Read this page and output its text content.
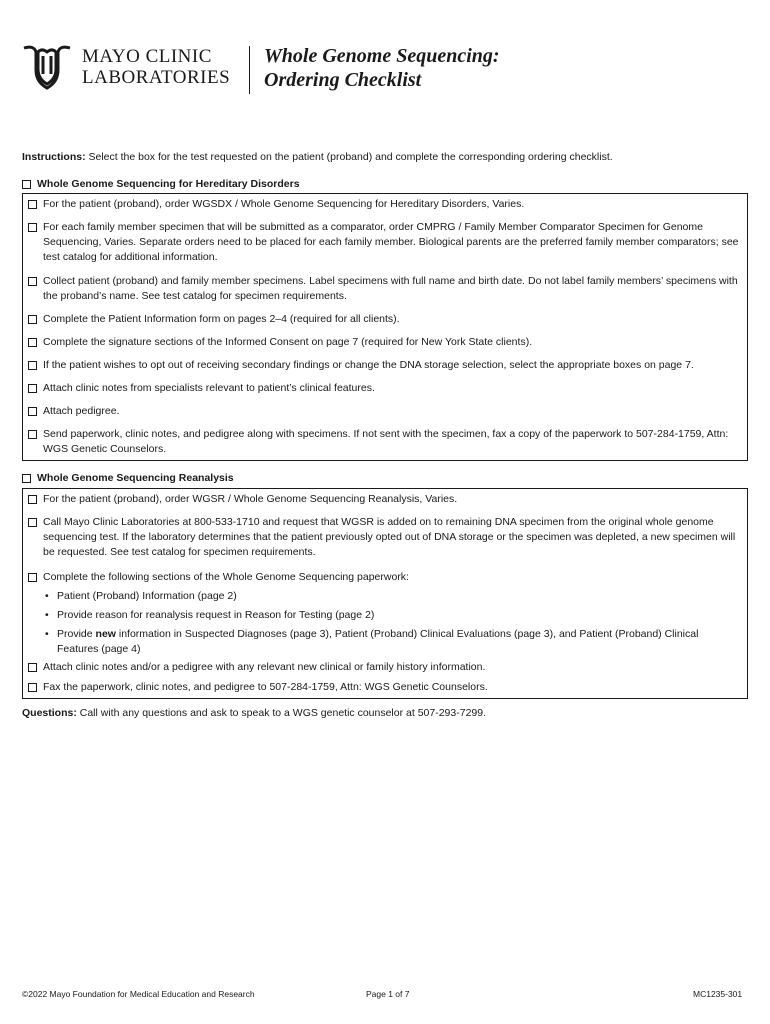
MAYO CLINIC
LABORATORIES
Whole Genome Sequencing:
Ordering Checklist
Instructions: Select the box for the test requested on the patient (proband) and complete the corresponding ordering checklist.
Whole Genome Sequencing for Hereditary Disorders
For the patient (proband), order WGSDX / Whole Genome Sequencing for Hereditary Disorders, Varies.
For each family member specimen that will be submitted as a comparator, order CMPRG / Family Member Comparator Specimen for Genome Sequencing, Varies. Separate orders need to be placed for each family member. Biological parents are the preferred family member comparators; see test catalog for additional information.
Collect patient (proband) and family member specimens. Label specimens with full name and birth date. Do not label family members’ specimens with the proband’s name. See test catalog for specimen requirements.
Complete the Patient Information form on pages 2–4 (required for all clients).
Complete the signature sections of the Informed Consent on page 7 (required for New York State clients).
If the patient wishes to opt out of receiving secondary findings or change the DNA storage selection, select the appropriate boxes on page 7.
Attach clinic notes from specialists relevant to patient’s clinical features.
Attach pedigree.
Send paperwork, clinic notes, and pedigree along with specimens. If not sent with the specimen, fax a copy of the paperwork to 507-284-1759, Attn: WGS Genetic Counselors.
Whole Genome Sequencing Reanalysis
For the patient (proband), order WGSR / Whole Genome Sequencing Reanalysis, Varies.
Call Mayo Clinic Laboratories at 800-533-1710 and request that WGSR is added on to remaining DNA specimen from the original whole genome sequencing test. If the laboratory determines that the patient previously opted out of DNA storage or the specimen was depleted, a new specimen will be requested. See test catalog for specimen requirements.
Complete the following sections of the Whole Genome Sequencing paperwork:
• Patient (Proband) Information (page 2)
• Provide reason for reanalysis request in Reason for Testing (page 2)
• Provide new information in Suspected Diagnoses (page 3), Patient (Proband) Clinical Evaluations (page 3), and Patient (Proband) Clinical Features (page 4)
Attach clinic notes and/or a pedigree with any relevant new clinical or family history information.
Fax the paperwork, clinic notes, and pedigree to 507-284-1759, Attn: WGS Genetic Counselors.
Questions: Call with any questions and ask to speak to a WGS genetic counselor at 507-293-7299.
©2022 Mayo Foundation for Medical Education and Research	Page 1 of 7	MC1235-301
